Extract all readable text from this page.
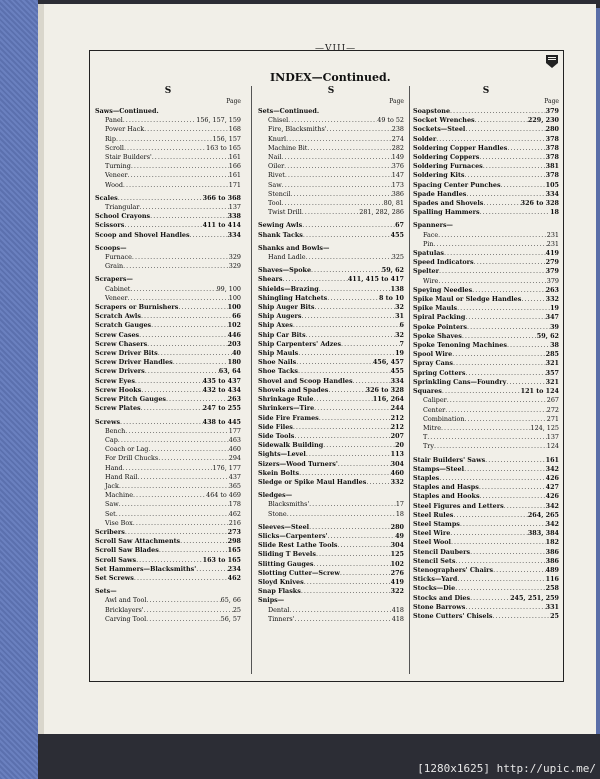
[1280x1625] http://upic.me/
—VIII—
INDEX—Continued.
S
Page
Saws—Continued.
Panel .....	156, 157, 159
Power Hack .....	168
Rip .....	156, 157
Scroll .....	163 to 165
Stair Builders' .....	161
Turning .....	166
Veneer .....	161
Wood .....	171
Scales .....	366 to 368
Triangular .....	137
School Crayons .....	338
Scissors .....	411 to 414
Scoop and Shovel Handles .....	334
Scoops—
Furnace .....	329
Grain .....	329
Scrapers—
Cabinet .....	99, 100
Veneer .....	100
Scrapers or Burnishers .....	100
Scratch Awls .....	66
Scratch Gauges .....	102
Screw Cases .....	446
Screw Chasers .....	203
Screw Driver Bits .....	40
Screw Driver Handles .....	180
Screw Drivers .....	63, 64
Screw Eyes .....	435 to 437
Screw Hooks .....	432 to 434
Screw Pitch Gauges .....	263
Screw Plates .....	247 to 255
Screws .....	438 to 445
Bench .....	177
Cap .....	463
Coach or Lag .....	460
For Drill Chucks .....	294
Hand .....	176, 177
Hand Rail .....	437
Jack .....	365
Machine .....	464 to 469
Saw .....	178
Set .....	462
Vise Box .....	216
Scribers .....	273
Scroll Saw Attachments .....	298
Scroll Saw Blades .....	165
Scroll Saws .....	163 to 165
Set Hammers—Blacksmiths' .....	234
Set Screws .....	462
Sets—
Awl and Tool .....	65, 66
Bricklayers' .....	25
Carving Tool .....	56, 57
S
Page
Sets—Continued.
Chisel .....	49 to 52
Fire, Blacksmiths' .....	238
Knurl .....	274
Machine Bit .....	282
Nail .....	149
Oiler .....	376
Rivet .....	147
Saw .....	173
Stencil .....	386
Tool .....	80, 81
Twist Drill .....	281, 282, 286
Sewing Awls .....	67
Shank Tacks .....	455
Shanks and Bowls—
Hand Ladle .....	325
Shaves—Spoke .....	59, 62
Shears .....	411, 415 to 417
Shields—Brazing .....	138
Shingling Hatchets .....	8 to 10
Ship Auger Bits .....	32
Ship Augers .....	31
Ship Axes .....	6
Ship Car Bits .....	32
Ship Carpenters' Adzes .....	7
Ship Mauls .....	19
Shoe Nails .....	456, 457
Shoe Tacks .....	455
Shovel and Scoop Handles .....	334
Shovels and Spades .....	326 to 328
Shrinkage Rule .....	116, 264
Shrinkers—Tire .....	244
Side Fire Frames .....	212
Side Files .....	212
Side Tools .....	207
Sidewalk Building .....	20
Sights—Level .....	113
Sizers—Wood Turners' .....	304
Skein Bolts .....	460
Sledge or Spike Maul Handles .....	332
Sledges—
Blacksmiths' .....	17
Stone .....	18
Sleeves—Steel .....	280
Slicks—Carpenters' .....	49
Slide Rest Lathe Tools .....	304
Sliding T Bevels .....	125
Slitting Gauges .....	102
Slotting Cutter—Screw .....	276
Sloyd Knives .....	419
Snap Flasks .....	322
Snips—
Dental .....	418
Tinners' .....	418
S
Page
Soapstone .....	379
Socket Wrenches .....	229, 230
Sockets—Steel .....	280
Solder .....	378
Soldering Copper Handles .....	378
Soldering Coppers .....	378
Soldering Furnaces .....	381
Soldering Kits .....	378
Spacing Center Punches .....	105
Spade Handles .....	334
Spades and Shovels .....	326 to 328
Spalling Hammers .....	18
Spanners—
Face .....	231
Pin .....	231
Spatulas .....	419
Speed Indicators .....	279
Spelter .....	379
Wire .....	379
Speying Needles .....	263
Spike Maul or Sledge Handles .....	332
Spike Mauls .....	19
Spiral Packing .....	347
Spoke Pointers .....	39
Spoke Shaves .....	59, 62
Spoke Tenoning Machines .....	38
Spool Wire .....	285
Spray Cans .....	321
Spring Cotters .....	357
Sprinkling Cans—Foundry .....	321
Squares .....	121 to 124
Caliper .....	267
Center .....	272
Combination .....	271
Mitre .....	124, 125
T .....	137
Try .....	124
Stair Builders' Saws .....	161
Stamps—Steel .....	342
Staples .....	426
Staples and Hasps .....	427
Staples and Hooks .....	426
Steel Figures and Letters .....	342
Steel Rules .....	264, 265
Steel Stamps .....	342
Steel Wire .....	383, 384
Steel Wool .....	182
Stencil Daubers .....	386
Stencil Sets .....	386
Stenographers' Chairs .....	489
Sticks—Yard .....	116
Stocks—Die .....	258
Stocks and Dies .....	245, 251, 259
Stone Barrows .....	331
Stone Cutters' Chisels .....	25
